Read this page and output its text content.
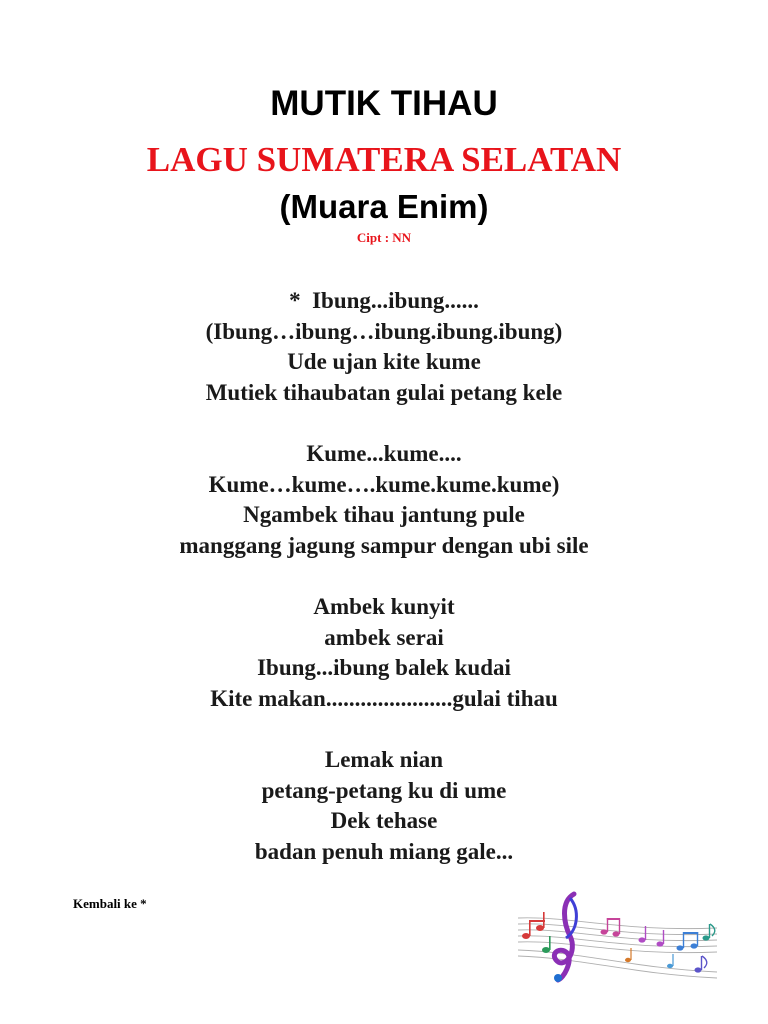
MUTIK TIHAU
LAGU SUMATERA SELATAN
(Muara Enim)

Cipt : NN

*  Ibung...ibung......
(Ibung…ibung…ibung.ibung.ibung)
Ude ujan kite kume
Mutiek tihaubatan gulai petang kele

Kume...kume....
Kume…kume….kume.kume.kume)
Ngambek tihau jantung pule
manggang jagung sampur dengan ubi sile

Ambek kunyit
ambek serai
Ibung...ibung balek kudai
Kite makan......................gulai tihau

Lemak nian
petang-petang ku di ume
Dek tehase
badan penuh miang gale...

Kembali ke *
